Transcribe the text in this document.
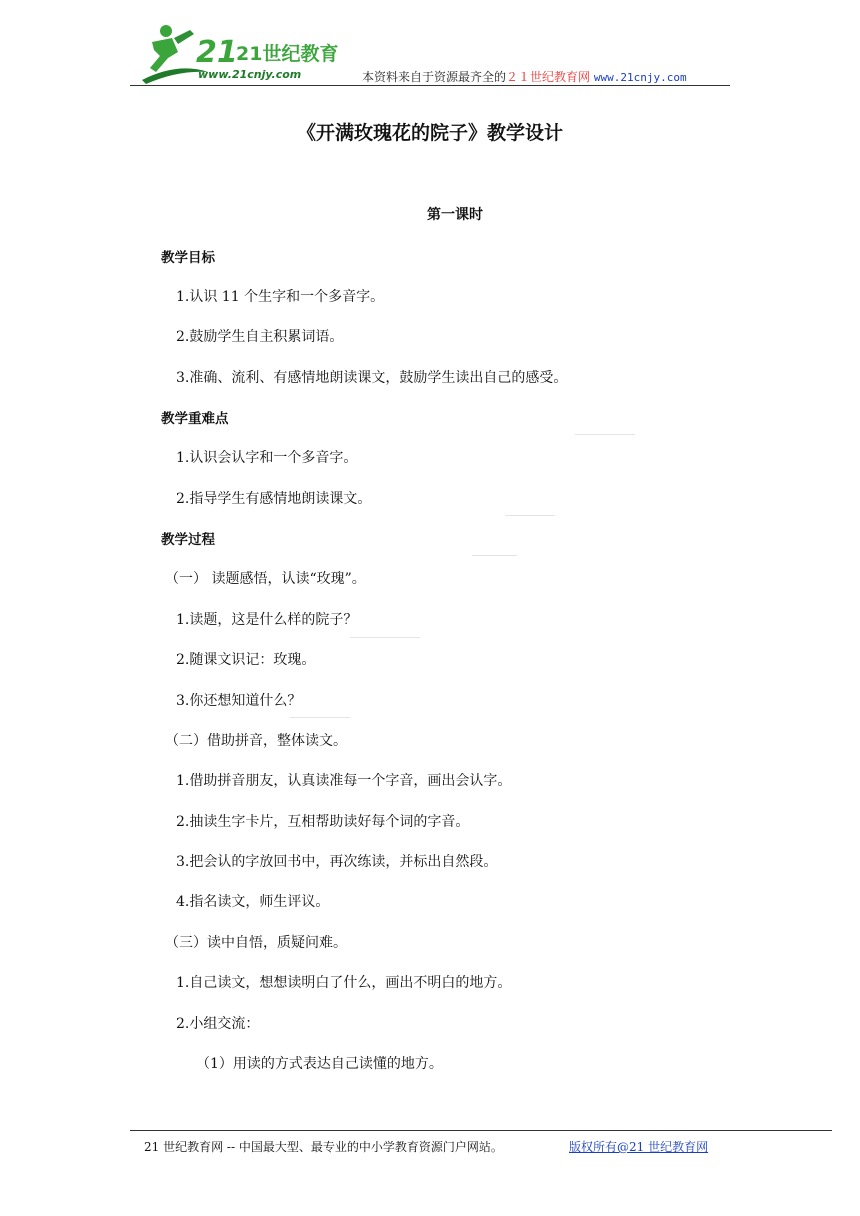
21
21世纪教育
www.21cnjy.com	本资料来自于资源最齐全的２１世纪教育网 www.21cnjy.com
《开满玫瑰花的院子》教学设计
第一课时
教学目标
1.认识 11 个生字和一个多音字。
2.鼓励学生自主积累词语。
3.准确、流利、有感情地朗读课文，鼓励学生读出自己的感受。
教学重难点
1.认识会认字和一个多音字。
2.指导学生有感情地朗读课文。
教学过程
（一） 读题感悟，认读“玫瑰”。
1.读题，这是什么样的院子？
2.随课文识记：玫瑰。
3.你还想知道什么？
（二）借助拼音，整体读文。
1.借助拼音朋友，认真读准每一个字音，画出会认字。
2.抽读生字卡片，互相帮助读好每个词的字音。
3.把会认的字放回书中，再次练读，并标出自然段。
4.指名读文，师生评议。
（三）读中自悟，质疑问难。
1.自己读文，想想读明白了什么，画出不明白的地方。
2.小组交流：
（1）用读的方式表达自己读懂的地方。
21 世纪教育网 -- 中国最大型、最专业的中小学教育资源门户网站。	版权所有@21 世纪教育网
